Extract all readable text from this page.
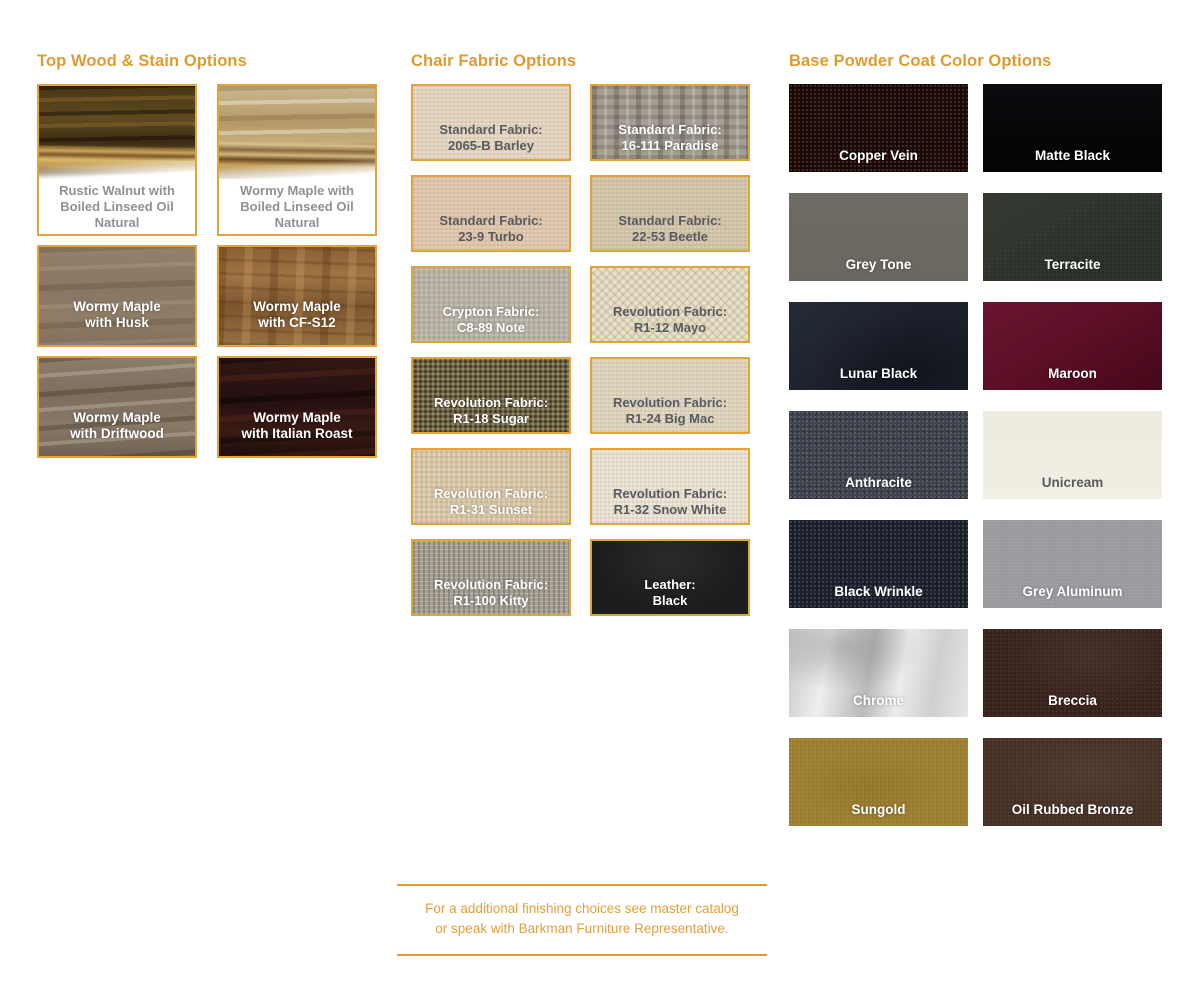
Top Wood & Stain Options
Rustic Walnut with
Boiled Linseed Oil
Natural
Wormy Maple with
Boiled Linseed Oil
Natural
Wormy Maple
with Husk
Wormy Maple
with CF-S12
Wormy Maple
with Driftwood
Wormy Maple
with Italian Roast
Chair Fabric Options
Standard Fabric:
2065-B Barley
Standard Fabric:
16-111 Paradise
Standard Fabric:
23-9 Turbo
Standard Fabric:
22-53 Beetle
Crypton Fabric:
C8-89 Note
Revolution Fabric:
R1-12 Mayo
Revolution Fabric:
R1-18 Sugar
Revolution Fabric:
R1-24 Big Mac
Revolution Fabric:
R1-31 Sunset
Revolution Fabric:
R1-32 Snow White
Revolution Fabric:
R1-100 Kitty
Leather:
Black
Base Powder Coat Color Options
Copper Vein	Matte Black
Grey Tone	Terracite
Lunar Black	Maroon
Anthracite	Unicream
Black Wrinkle	Grey Aluminum
Chrome	Breccia
Sungold	Oil Rubbed Bronze
For a additional finishing choices see master catalog
or speak with Barkman Furniture Representative.
